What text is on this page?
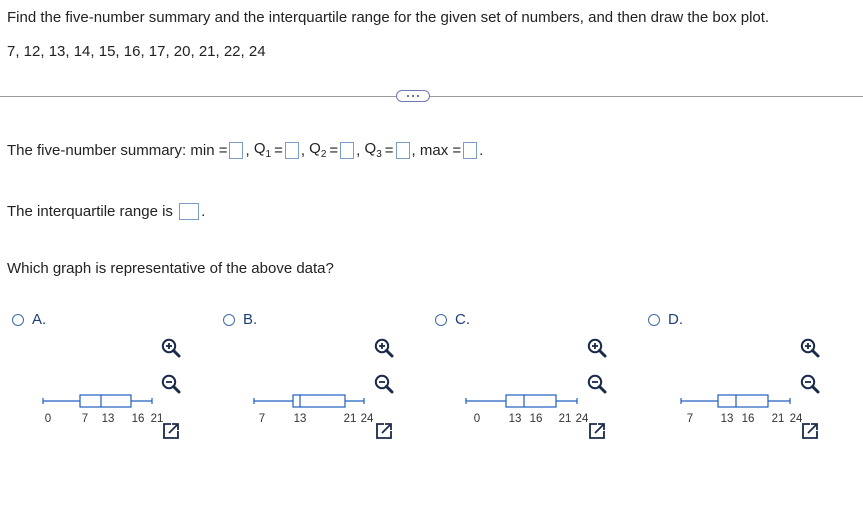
Find the five-number summary and the interquartile range for the given set of numbers, and then draw the box plot.
7, 12, 13, 14, 15, 16, 17, 20, 21, 22, 24
The five-number summary: min = ,
$Q_1$ = ,
$Q_2$ = ,
$Q_3$ = ,
max = .
The interquartile range is
.
Which graph is representative of the above data?
A.	B.	C.	D.
0	7 13 16 21	7 13	21 24	0 13 16 21 24	7 13 16 21 24
